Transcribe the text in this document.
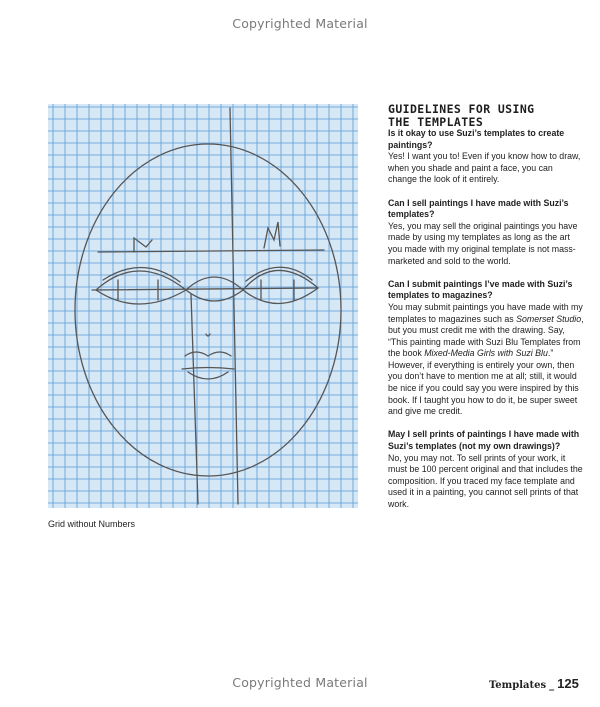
Copyrighted Material
Grid without Numbers
GUIDELINES FOR USING
THE TEMPLATES

Is it okay to use Suzi’s templates to create paintings?

Yes! I want you to! Even if you know how to draw, when you shade and paint a face, you can change the look of it entirely.

Can I sell paintings I have made with Suzi’s templates?

Yes, you may sell the original paintings you have made by using my templates as long as the art you made with my original template is not mass-marketed and sold to the world.

Can I submit paintings I’ve made with Suzi’s templates to magazines?

You may submit paintings you have made with my templates to magazines such as Somerset Studio, but you must credit me with the drawing. Say, “This painting made with Suzi Blu Templates from the book Mixed-Media Girls with Suzi Blu.” However, if everything is entirely your own, then you don’t have to mention me at all; still, it would be nice if you could say you were inspired by this book. If I taught you how to do it, be super sweet and give me credit.

May I sell prints of paintings I have made with Suzi’s templates (not my own drawings)?

No, you may not. To sell prints of your work, it must be 100 percent original and that includes the composition. If you traced my face template and used it in a painting, you cannot sell prints of that work.

Copyrighted Material	Templates _ 125
